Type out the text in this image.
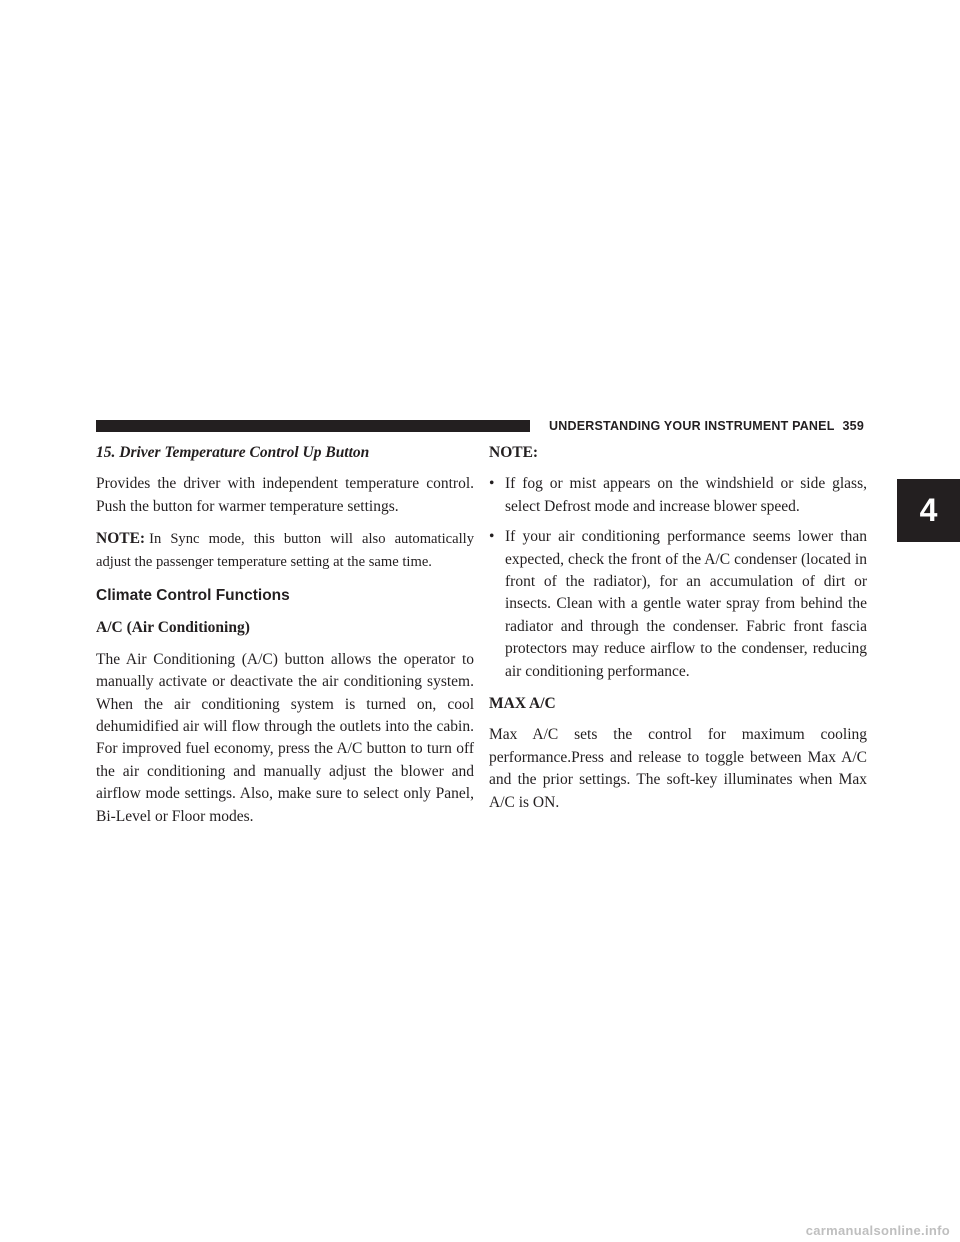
UNDERSTANDING YOUR INSTRUMENT PANEL 359
4

15. Driver Temperature Control Up Button

Provides the driver with independent temperature control. Push the button for warmer temperature settings.

NOTE: In Sync mode, this button will also automatically adjust the passenger temperature setting at the same time.

Climate Control Functions

A/C (Air Conditioning)

The Air Conditioning (A/C) button allows the operator to manually activate or deactivate the air conditioning system. When the air conditioning system is turned on, cool dehumidified air will flow through the outlets into the cabin. For improved fuel economy, press the A/C button to turn off the air conditioning and manually adjust the blower and airflow mode settings. Also, make sure to select only Panel, Bi-Level or Floor modes.

NOTE:

• If fog or mist appears on the windshield or side glass, select Defrost mode and increase blower speed.
• If your air conditioning performance seems lower than expected, check the front of the A/C condenser (located in front of the radiator), for an accumulation of dirt or insects. Clean with a gentle water spray from behind the radiator and through the condenser. Fabric front fascia protectors may reduce airflow to the condenser, reducing air conditioning performance.

MAX A/C

Max A/C sets the control for maximum cooling performance.Press and release to toggle between Max A/C and the prior settings. The soft-key illuminates when Max A/C is ON.

carmanualsonline.info
